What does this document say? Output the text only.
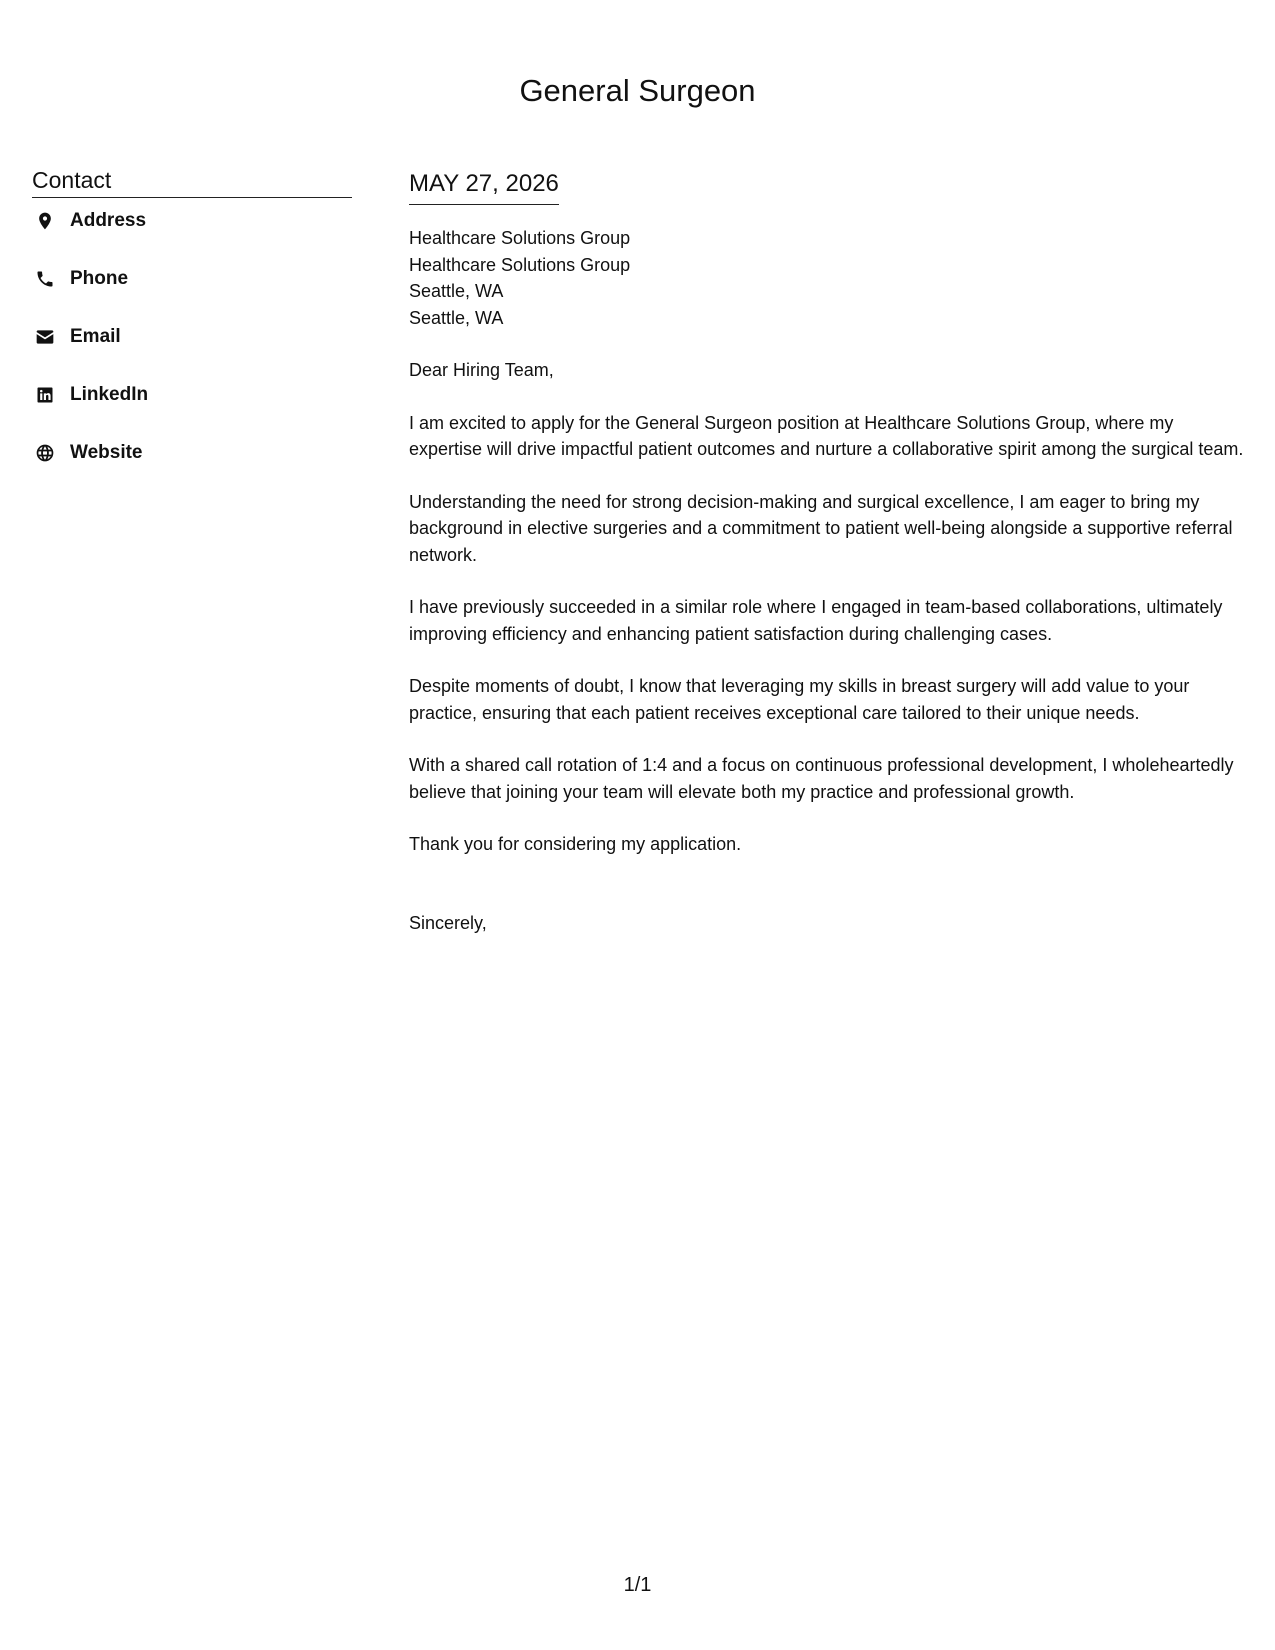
General Surgeon
Contact
Address
Phone
Email
LinkedIn
Website
MAY 27, 2026
Healthcare Solutions Group
Healthcare Solutions Group
Seattle, WA
Seattle, WA
Dear Hiring Team,
I am excited to apply for the General Surgeon position at Healthcare Solutions Group, where my expertise will drive impactful patient outcomes and nurture a collaborative spirit among the surgical team.
Understanding the need for strong decision-making and surgical excellence, I am eager to bring my background in elective surgeries and a commitment to patient well-being alongside a supportive referral network.
I have previously succeeded in a similar role where I engaged in team-based collaborations, ultimately improving efficiency and enhancing patient satisfaction during challenging cases.
Despite moments of doubt, I know that leveraging my skills in breast surgery will add value to your practice, ensuring that each patient receives exceptional care tailored to their unique needs.
With a shared call rotation of 1:4 and a focus on continuous professional development, I wholeheartedly believe that joining your team will elevate both my practice and professional growth.
Thank you for considering my application.
Sincerely,
1/1
